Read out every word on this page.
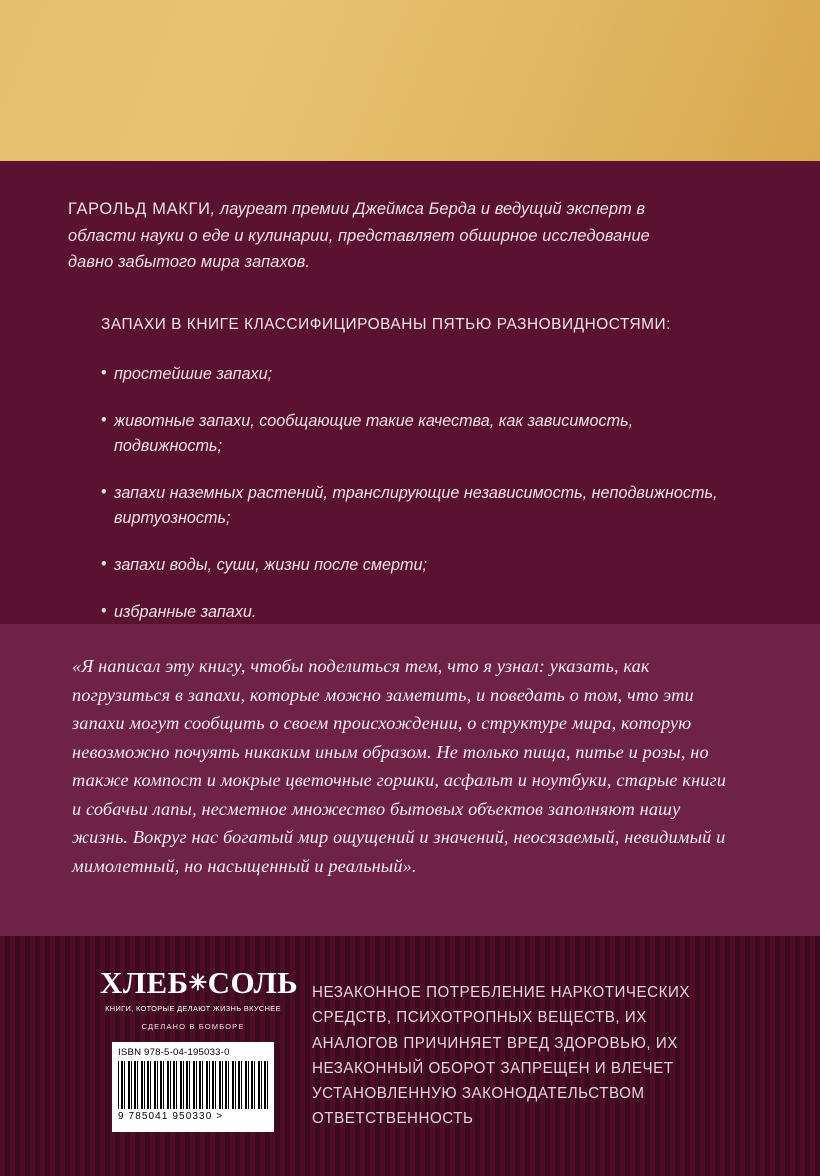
ГАРОЛЬД МАКГИ, лауреат премии Джеймса Берда и ведущий эксперт в области науки о еде и кулинарии, представляет обширное исследование давно забытого мира запахов.

ЗАПАХИ В КНИГЕ КЛАССИФИЦИРОВАНЫ ПЯТЬЮ РАЗНОВИДНОСТЯМИ:
• простейшие запахи;
• животные запахи, сообщающие такие качества, как зависимость, подвижность;
• запахи наземных растений, транслирующие независимость, неподвижность, виртуозность;
• запахи воды, суши, жизни после смерти;
• избранные запахи.

«Я написал эту книгу, чтобы поделиться тем, что я узнал: указать, как погрузиться в запахи, которые можно заметить, и поведать о том, что эти запахи могут сообщить о своем происхождении, о структуре мира, которую невозможно почуять никаким иным образом. Не только пища, питье и розы, но также компост и мокрые цветочные горшки, асфальт и ноутбуки, старые книги и собачьи лапы, несметное множество бытовых объектов заполняют нашу жизнь. Вокруг нас богатый мир ощущений и значений, неосязаемый, невидимый и мимолетный, но насыщенный и реальный».

ХЛЕБ✳СОЛЬ
КНИГИ, КОТОРЫЕ ДЕЛАЮТ ЖИЗНЬ ВКУСНЕЕ
СДЕЛАНО В БОМБОРЕ
ISBN 978-5-04-195033-0
9 785041 950330 >
НЕЗАКОННОЕ ПОТРЕБЛЕНИЕ НАРКОТИЧЕСКИХ СРЕДСТВ, ПСИХОТРОПНЫХ ВЕЩЕСТВ, ИХ АНАЛОГОВ ПРИЧИНЯЕТ ВРЕД ЗДОРОВЬЮ, ИХ НЕЗАКОННЫЙ ОБОРОТ ЗАПРЕЩЕН И ВЛЕЧЕТ УСТАНОВЛЕННУЮ ЗАКОНОДАТЕЛЬСТВОМ ОТВЕТСТВЕННОСТЬ
